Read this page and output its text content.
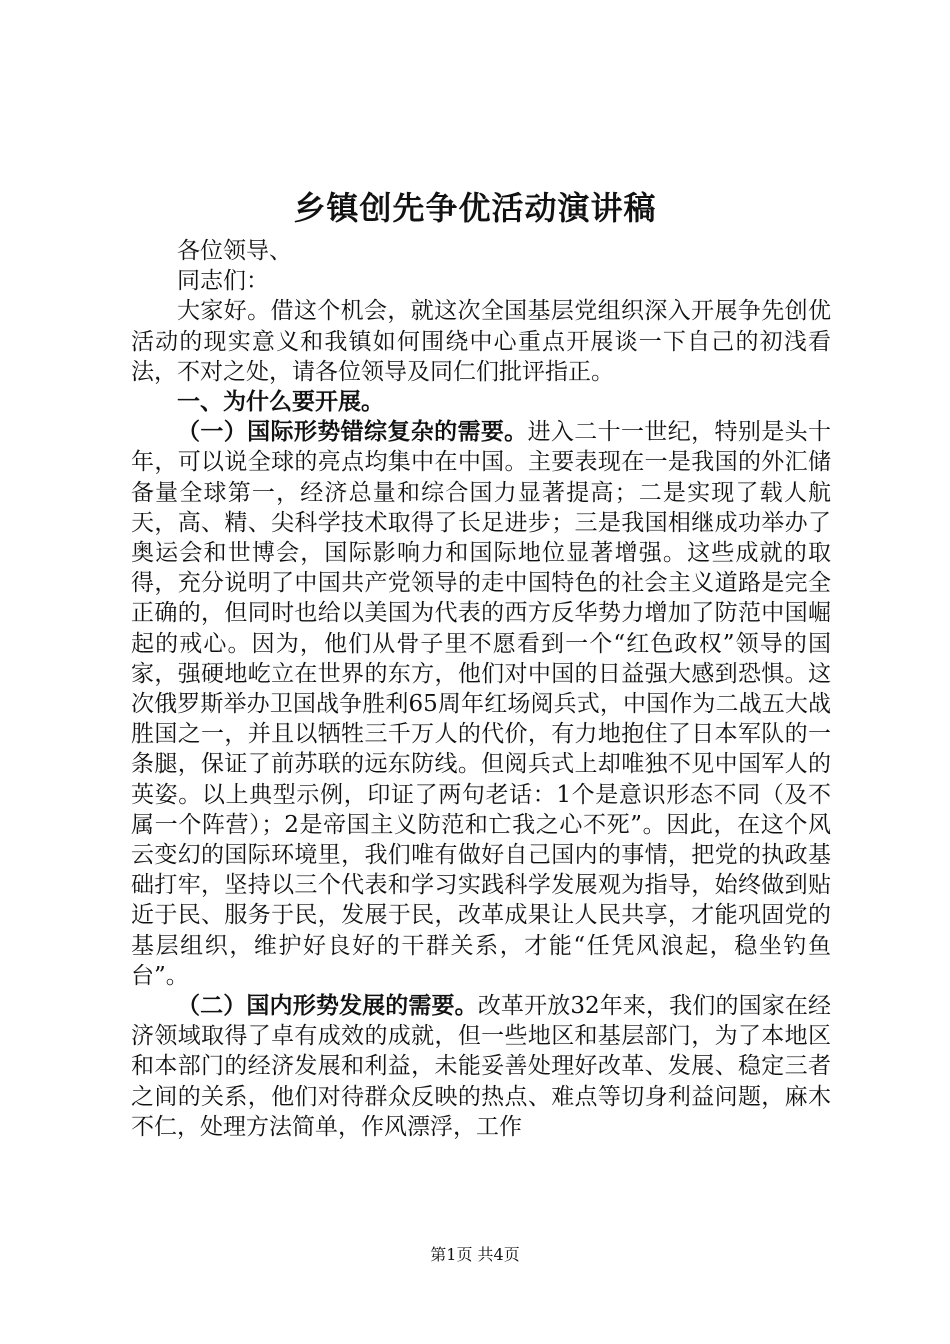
乡镇创先争优活动演讲稿

各位领导、

同志们：

大家好。借这个机会，就这次全国基层党组织深入开展争先创优活动的现实意义和我镇如何围绕中心重点开展谈一下自己的初浅看法，不对之处，请各位领导及同仁们批评指正。

一、为什么要开展。

（一）国际形势错综复杂的需要。进入二十一世纪，特别是头十年，可以说全球的亮点均集中在中国。主要表现在一是我国的外汇储备量全球第一，经济总量和综合国力显著提高；二是实现了载人航天，高、精、尖科学技术取得了长足进步；三是我国相继成功举办了奥运会和世博会，国际影响力和国际地位显著增强。这些成就的取得，充分说明了中国共产党领导的走中国特色的社会主义道路是完全正确的，但同时也给以美国为代表的西方反华势力增加了防范中国崛起的戒心。因为，他们从骨子里不愿看到一个“红色政权”领导的国家，强硬地屹立在世界的东方，他们对中国的日益强大感到恐惧。这次俄罗斯举办卫国战争胜利65周年红场阅兵式，中国作为二战五大战胜国之一，并且以牺牲三千万人的代价，有力地抱住了日本军队的一条腿，保证了前苏联的远东防线。但阅兵式上却唯独不见中国军人的英姿。以上典型示例，印证了两句老话：1个是意识形态不同（及不属一个阵营）；2是帝国主义防范和亡我之心不死”。因此，在这个风云变幻的国际环境里，我们唯有做好自己国内的事情，把党的执政基础打牢，坚持以三个代表和学习实践科学发展观为指导，始终做到贴近于民、服务于民，发展于民，改革成果让人民共享，才能巩固党的基层组织，维护好良好的干群关系，才能“任凭风浪起，稳坐钓鱼台”。

（二）国内形势发展的需要。改革开放32年来，我们的国家在经济领域取得了卓有成效的成就，但一些地区和基层部门，为了本地区和本部门的经济发展和利益，未能妥善处理好改革、发展、稳定三者之间的关系，他们对待群众反映的热点、难点等切身利益问题，麻木不仁，处理方法简单，作风漂浮，工作

第1页 共4页
